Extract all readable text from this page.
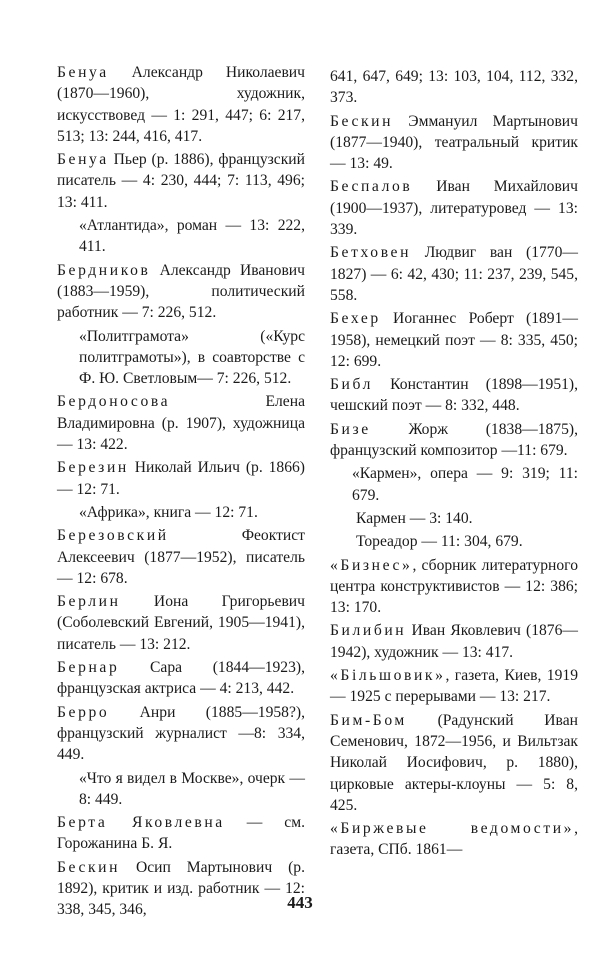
Бенуа Александр Николаевич (1870—1960), художник, искусствовед — 1: 291, 447; 6: 217, 513; 13: 244, 416, 417.

Бенуа Пьер (р. 1886), французский писатель — 4: 230, 444; 7: 113, 496; 13: 411.

«Атлантида», роман — 13: 222, 411.

Бердников Александр Иванович (1883—1959), политический работник — 7: 226, 512.

«Политграмота» («Курс политграмоты»), в соавторстве с Ф. Ю. Светловым— 7: 226, 512.

Бердоносова Елена Владимировна (р. 1907), художница — 13: 422.

Березин Николай Ильич (р. 1866) — 12: 71.

«Африка», книга — 12: 71.

Березовский Феоктист Алексеевич (1877—1952), писатель — 12: 678.

Берлин Иона Григорьевич (Соболевский Евгений, 1905—1941), писатель — 13: 212.

Бернар Сара (1844—1923), французская актриса — 4: 213, 442.

Берро Анри (1885—1958?), французский журналист —8: 334, 449.

«Что я видел в Москве», очерк — 8: 449.

Берта Яковлевна — см. Горожанина Б. Я.

Бескин Осип Мартынович (р. 1892), критик и изд. работник — 12: 338, 345, 346,

641, 647, 649; 13: 103, 104, 112, 332, 373.

Бескин Эммануил Мартынович (1877—1940), театральный критик — 13: 49.

Беспалов Иван Михайлович (1900—1937), литературовед — 13: 339.

Бетховен Людвиг ван (1770—1827) — 6: 42, 430; 11: 237, 239, 545, 558.

Бехер Иоганнес Роберт (1891—1958), немецкий поэт — 8: 335, 450; 12: 699.

Библ Константин (1898—1951), чешский поэт — 8: 332, 448.

Бизе Жорж (1838—1875), французский композитор —11: 679.

«Кармен», опера — 9: 319; 11: 679.
Кармен — 3: 140.
Тореадор — 11: 304, 679.

«Бизнес», сборник литературного центра конструктивистов — 12: 386; 13: 170.

Билибин Иван Яковлевич (1876—1942), художник — 13: 417.

«Більшовик», газета, Киев, 1919 — 1925 с перерывами — 13: 217.

Бим-Бом (Радунский Иван Семенович, 1872—1956, и Вильтзак Николай Иосифович, р. 1880), цирковые актеры-клоуны — 5: 8, 425.

«Биржевые ведомости», газета, СПб. 1861—

443
